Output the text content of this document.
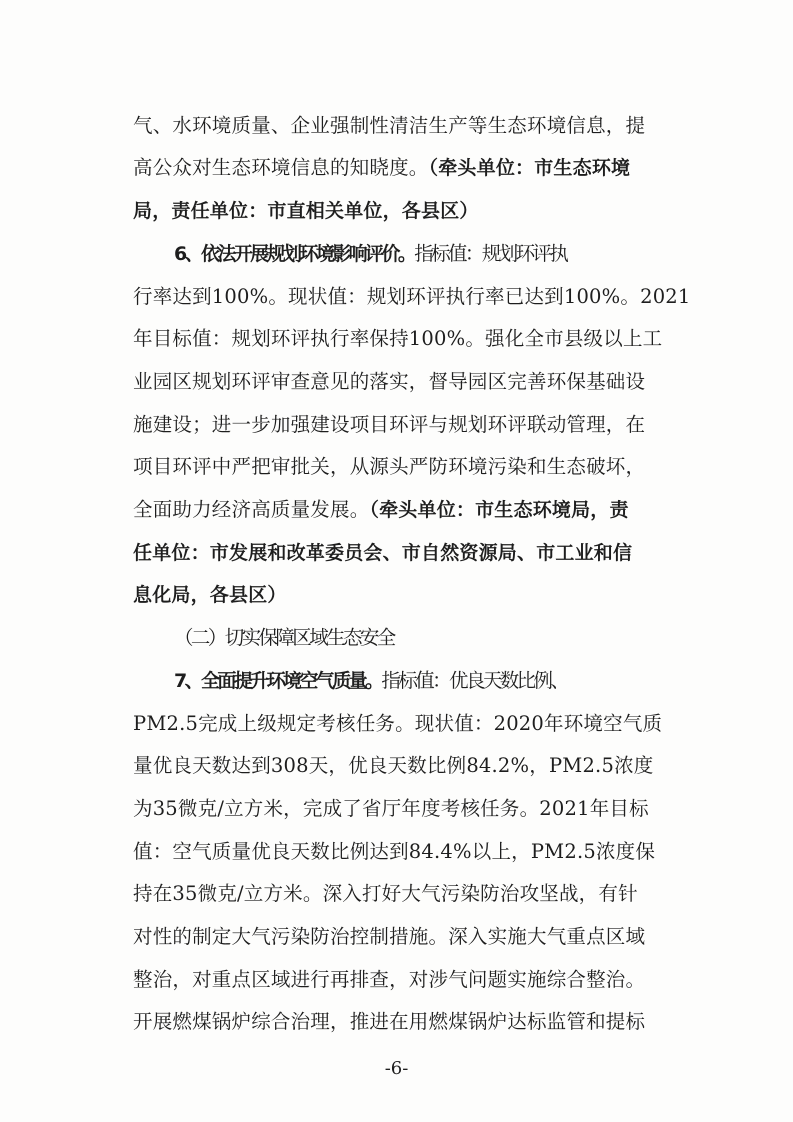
气、水环境质量、企业强制性清洁生产等生态环境信息，提
高公众对生态环境信息的知晓度。（牵头单位：市生态环境
局，责任单位：市直相关单位，各县区）
6、依法开展规划环境影响评价。指标值：规划环评执
行率达到100%。现状值：规划环评执行率已达到100%。2021
年目标值：规划环评执行率保持100%。强化全市县级以上工
业园区规划环评审查意见的落实，督导园区完善环保基础设
施建设；进一步加强建设项目环评与规划环评联动管理，在
项目环评中严把审批关，从源头严防环境污染和生态破坏，
全面助力经济高质量发展。（牵头单位：市生态环境局，责
任单位：市发展和改革委员会、市自然资源局、市工业和信
息化局，各县区）
（二）切实保障区域生态安全
7、全面提升环境空气质量。指标值：优良天数比例、
PM2.5完成上级规定考核任务。现状值：2020年环境空气质
量优良天数达到308天，优良天数比例84.2%，PM2.5浓度
为35微克/立方米，完成了省厅年度考核任务。2021年目标
值：空气质量优良天数比例达到84.4%以上，PM2.5浓度保
持在35微克/立方米。深入打好大气污染防治攻坚战，有针
对性的制定大气污染防治控制措施。深入实施大气重点区域
整治，对重点区域进行再排查，对涉气问题实施综合整治。
开展燃煤锅炉综合治理，推进在用燃煤锅炉达标监管和提标
-6-
